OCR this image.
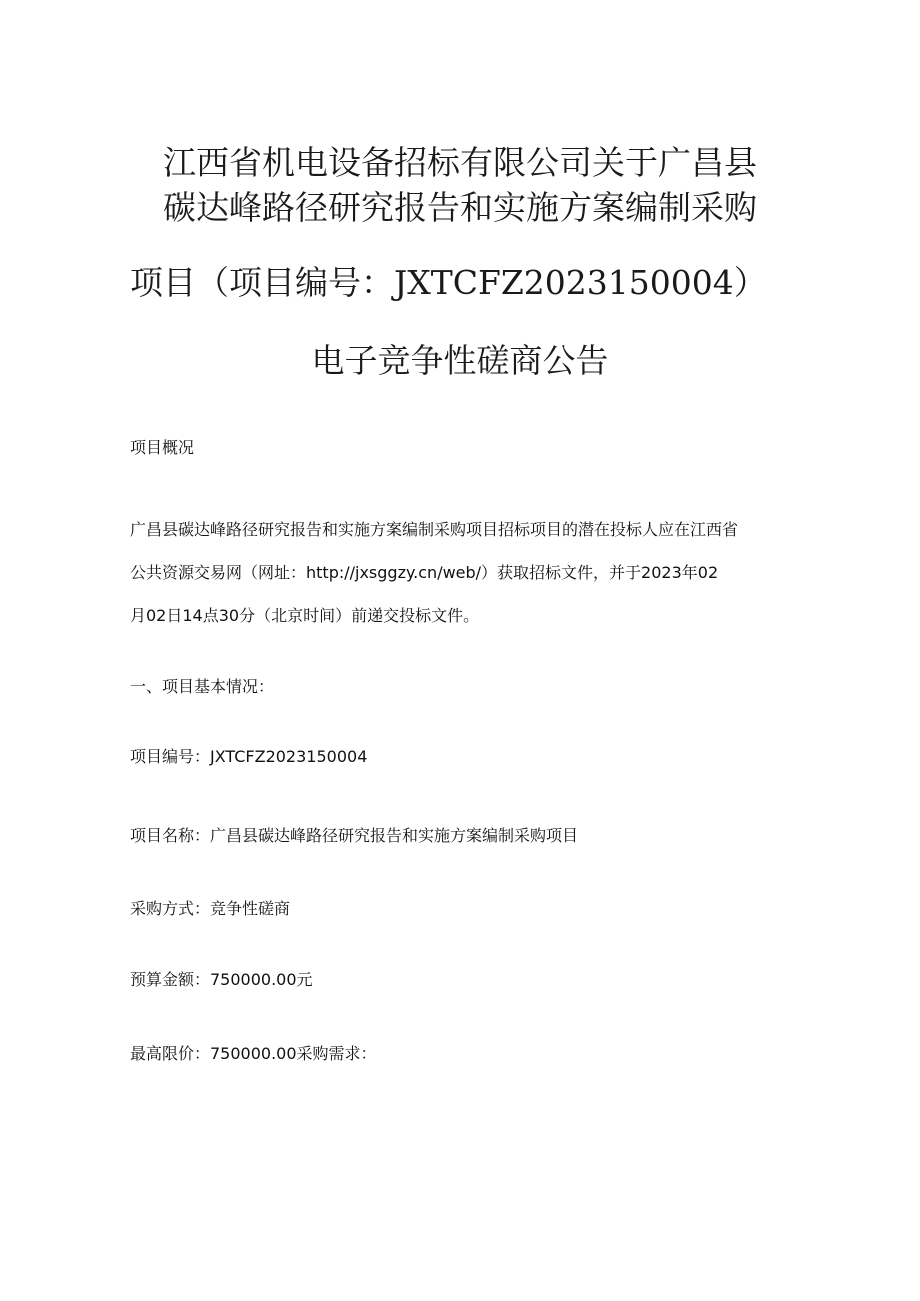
江西省机电设备招标有限公司关于广昌县
碳达峰路径研究报告和实施方案编制采购
项目（项目编号：JXTCFZ2023150004）
电子竞争性磋商公告

项目概况

广昌县碳达峰路径研究报告和实施方案编制采购项目招标项目的潜在投标人应在江西省
公共资源交易网（网址：http://jxsggzy.cn/web/）获取招标文件，并于2023年02
月02日14点30分（北京时间）前递交投标文件。

一、项目基本情况：

项目编号：JXTCFZ2023150004

项目名称：广昌县碳达峰路径研究报告和实施方案编制采购项目

采购方式：竞争性磋商

预算金额：750000.00元

最高限价：750000.00采购需求：
